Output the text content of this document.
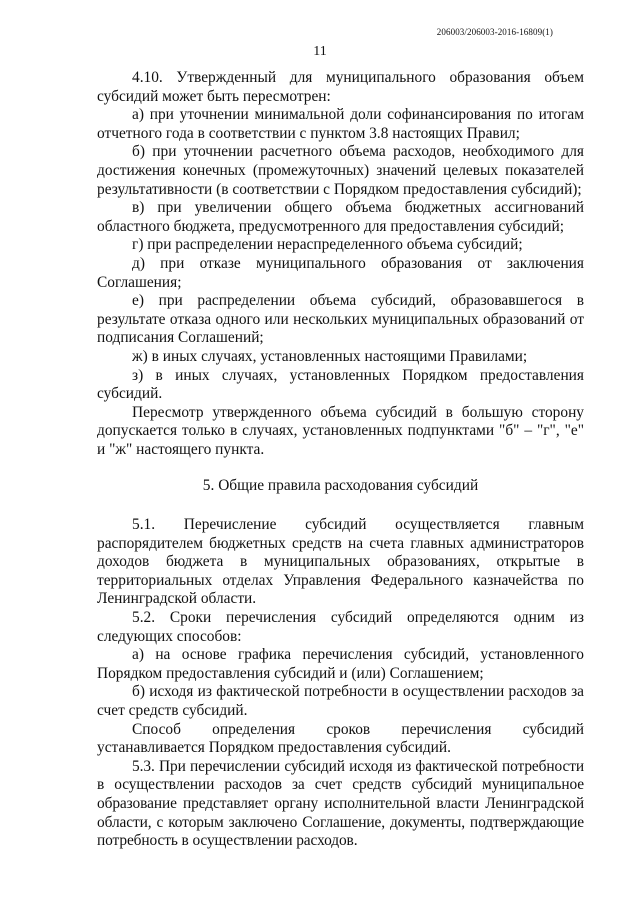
206003/206003-2016-16809(1)
11

4.10. Утвержденный для муниципального образования объем субсидий может быть пересмотрен:

а) при уточнении минимальной доли софинансирования по итогам отчетного года в соответствии с пунктом 3.8 настоящих Правил;

б) при уточнении расчетного объема расходов, необходимого для достижения конечных (промежуточных) значений целевых показателей результативности (в соответствии с Порядком предоставления субсидий);

в) при увеличении общего объема бюджетных ассигнований областного бюджета, предусмотренного для предоставления субсидий;

г) при распределении нераспределенного объема субсидий;

д) при отказе муниципального образования от заключения Соглашения;

е) при распределении объема субсидий, образовавшегося в результате отказа одного или нескольких муниципальных образований от подписания Соглашений;

ж) в иных случаях, установленных настоящими Правилами;

з) в иных случаях, установленных Порядком предоставления субсидий.

Пересмотр утвержденного объема субсидий в большую сторону допускается только в случаях, установленных подпунктами "б" – "г", "е" и "ж" настоящего пункта.

5. Общие правила расходования субсидий

5.1. Перечисление субсидий осуществляется главным распорядителем бюджетных средств на счета главных администраторов доходов бюджета в муниципальных образованиях, открытые в территориальных отделах Управления Федерального казначейства по Ленинградской области.

5.2. Сроки перечисления субсидий определяются одним из следующих способов:

а) на основе графика перечисления субсидий, установленного Порядком предоставления субсидий и (или) Соглашением;

б) исходя из фактической потребности в осуществлении расходов за счет средств субсидий.

Способ определения сроков перечисления субсидий устанавливается Порядком предоставления субсидий.

5.3. При перечислении субсидий исходя из фактической потребности в осуществлении расходов за счет средств субсидий муниципальное образование представляет органу исполнительной власти Ленинградской области, с которым заключено Соглашение, документы, подтверждающие потребность в осуществлении расходов.
